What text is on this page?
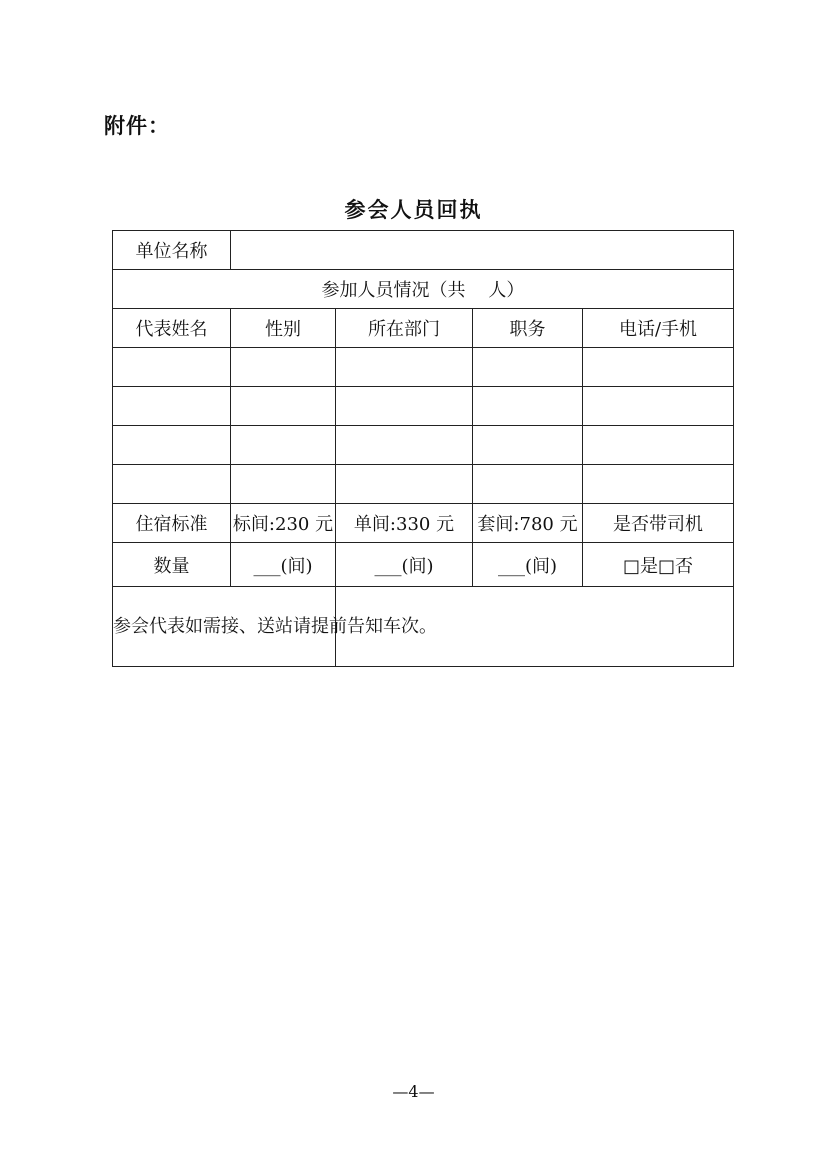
附件：
参会人员回执
单位名称				
参加人员情况（共    人）				
代表姓名	性别	所在部门	职务	电话/手机

住宿标准	标间:230 元	单间:330 元	套间:780 元	是否带司机
数量	___(间)	___(间)	___(间)	□是□否
参会代表如需接、送站请提前告知车次。				
—4—
